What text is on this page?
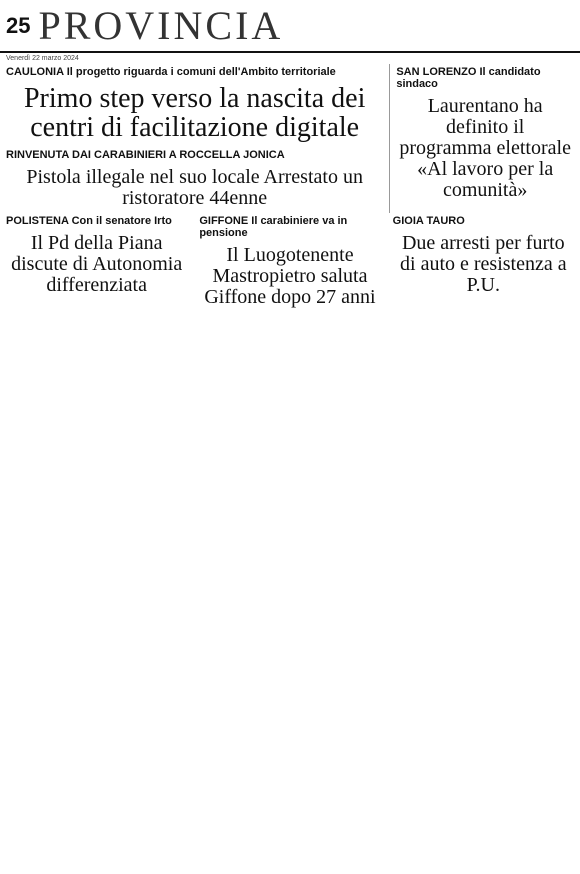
25 PROVINCIA
Venerdì 22 marzo 2024
CAULONIA Il progetto riguarda i comuni dell'Ambito territoriale
Primo step verso la nascita dei centri di facilitazione digitale
RINVENUTA DAI CARABINIERI A ROCCELLA JONICA
Pistola illegale nel suo locale Arrestato un ristoratore 44enne
SAN LORENZO Il candidato sindaco
Laurentano ha definito il programma elettorale «Al lavoro per la comunità»
POLISTENA Con il senatore Irto
Il Pd della Piana discute di Autonomia differenziata
GIFFONE Il carabiniere va in pensione
Il Luogotenente Mastropietro saluta Giffone dopo 27 anni
GIOIA TAURO
Due arresti per furto di auto e resistenza a P.U.
